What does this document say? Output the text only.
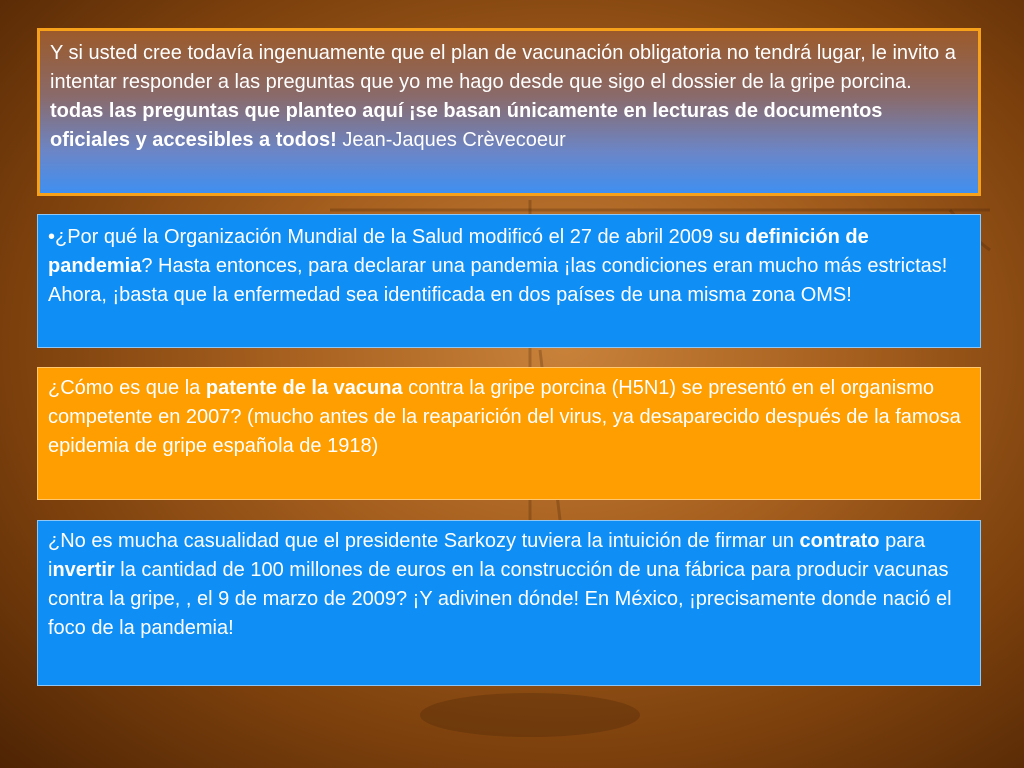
Y si usted cree todavía ingenuamente que el plan de vacunación obligatoria no tendrá lugar, le invito a intentar responder a las preguntas que yo me hago desde que sigo el dossier de la gripe porcina. todas las preguntas que planteo aquí ¡se basan únicamente en lecturas de documentos oficiales y accesibles a todos! Jean-Jaques Crèvecoeur
•¿Por qué la Organización Mundial de la Salud modificó el 27 de abril 2009 su definición de pandemia? Hasta entonces, para declarar una pandemia ¡las condiciones eran mucho más estrictas! Ahora, ¡basta que la enfermedad sea identificada en dos países de una misma zona OMS!
¿Cómo es que la patente de la vacuna contra la gripe porcina (H5N1) se presentó en el organismo competente en 2007? (mucho antes de la reaparición del virus, ya desaparecido después de la famosa epidemia de gripe española de 1918)
¿No es mucha casualidad que el presidente Sarkozy tuviera la intuición de firmar un contrato para invertir la cantidad de 100 millones de euros en la construcción de una fábrica para producir vacunas contra la gripe, , el 9 de marzo de 2009? ¡Y adivinen dónde! En México, ¡precisamente donde nació el foco de la pandemia!
